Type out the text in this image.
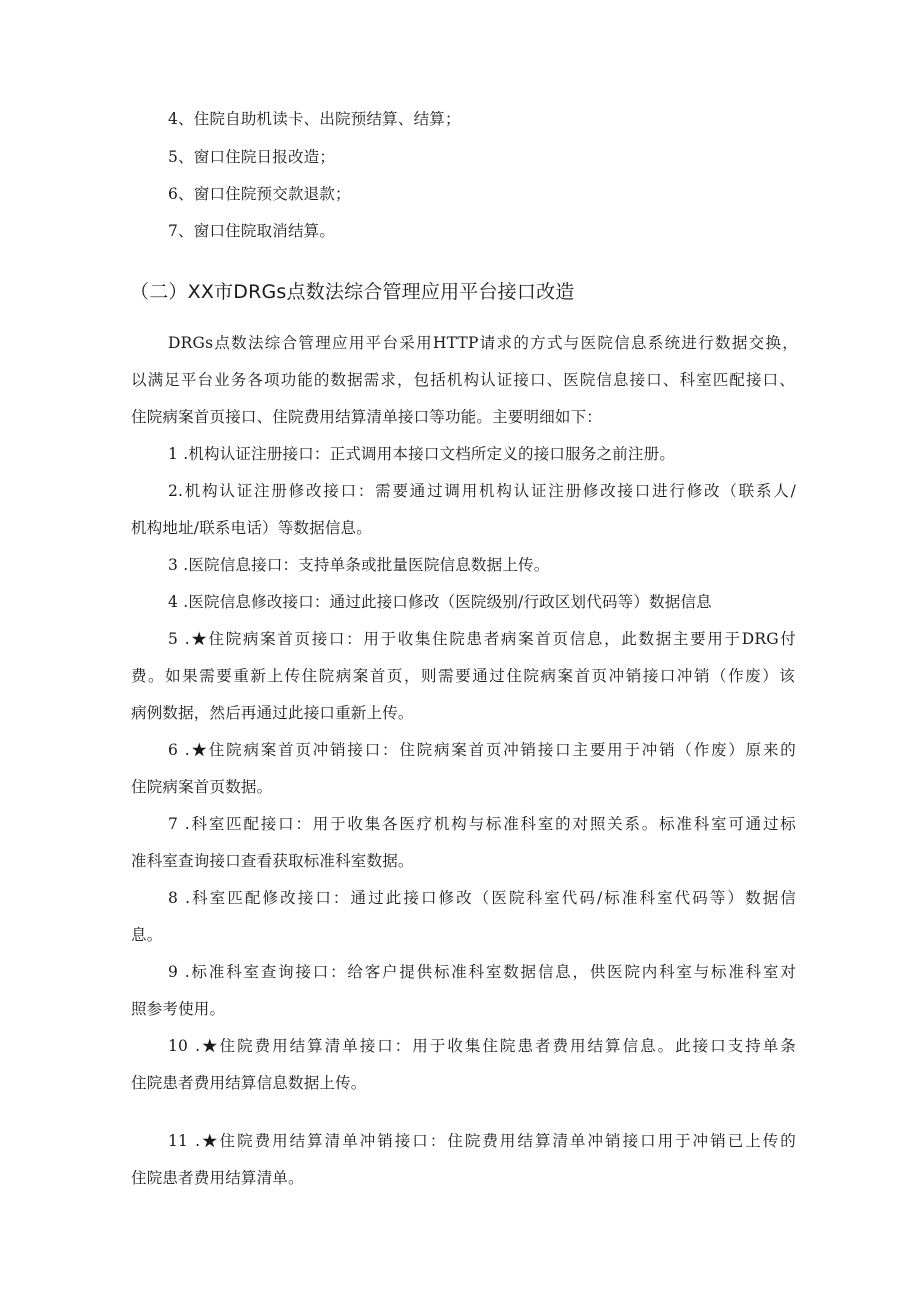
4、住院自助机读卡、出院预结算、结算；
5、窗口住院日报改造；
6、窗口住院预交款退款；
7、窗口住院取消结算。
（二）XX市DRGs点数法综合管理应用平台接口改造
DRGs点数法综合管理应用平台采用HTTP请求的方式与医院信息系统进行数据交换，
以满足平台业务各项功能的数据需求，包括机构认证接口、医院信息接口、科室匹配接口、
住院病案首页接口、住院费用结算清单接口等功能。主要明细如下：
1 .机构认证注册接口：正式调用本接口文档所定义的接口服务之前注册。
2.机构认证注册修改接口：需要通过调用机构认证注册修改接口进行修改（联系人/
机构地址/联系电话）等数据信息。
3 .医院信息接口：支持单条或批量医院信息数据上传。
4 .医院信息修改接口：通过此接口修改（医院级别/行政区划代码等）数据信息
5 .★住院病案首页接口：用于收集住院患者病案首页信息，此数据主要用于DRG付
费。如果需要重新上传住院病案首页，则需要通过住院病案首页冲销接口冲销（作废）该
病例数据，然后再通过此接口重新上传。
6 .★住院病案首页冲销接口：住院病案首页冲销接口主要用于冲销（作废）原来的
住院病案首页数据。
7 .科室匹配接口：用于收集各医疗机构与标准科室的对照关系。标准科室可通过标
准科室查询接口查看获取标准科室数据。
8 .科室匹配修改接口：通过此接口修改（医院科室代码/标准科室代码等）数据信
息。
9 .标准科室查询接口：给客户提供标准科室数据信息，供医院内科室与标准科室对
照参考使用。
10 .★住院费用结算清单接口：用于收集住院患者费用结算信息。此接口支持单条
住院患者费用结算信息数据上传。
11 .★住院费用结算清单冲销接口：住院费用结算清单冲销接口用于冲销已上传的
住院患者费用结算清单。
